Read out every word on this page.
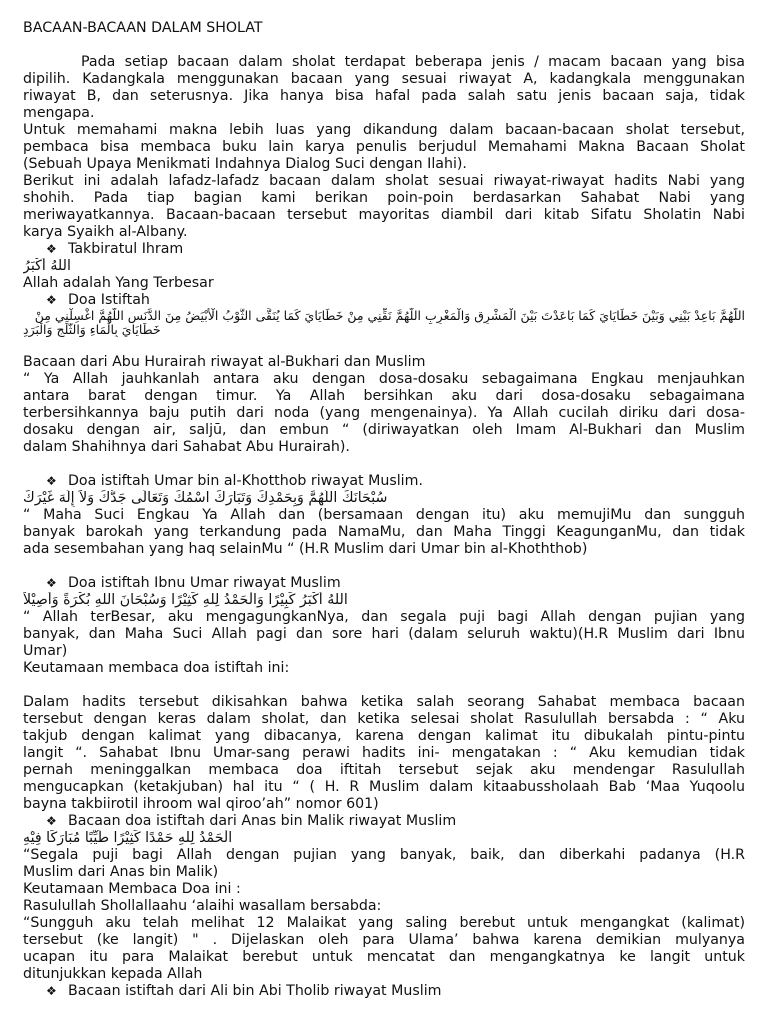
BACAAN-BACAAN DALAM SHOLAT
Pada setiap bacaan dalam sholat terdapat beberapa jenis / macam bacaan yang bisa
dipilih. Kadangkala menggunakan bacaan yang sesuai riwayat A, kadangkala menggunakan
riwayat B, dan seterusnya. Jika hanya bisa hafal pada salah satu jenis bacaan saja, tidak
mengapa.
Untuk memahami makna lebih luas yang dikandung dalam bacaan-bacaan sholat tersebut,
pembaca bisa membaca buku lain karya penulis berjudul Memahami Makna Bacaan Sholat
(Sebuah Upaya Menikmati Indahnya Dialog Suci dengan Ilahi).
Berikut ini adalah lafadz-lafadz bacaan dalam sholat sesuai riwayat-riwayat hadits Nabi yang
shohih. Pada tiap bagian kami berikan poin-poin berdasarkan Sahabat Nabi yang
meriwayatkannya. Bacaan-bacaan tersebut mayoritas diambil dari kitab Sifatu Sholatin Nabi
karya Syaikh al-Albany.
❖ Takbiratul Ihram
اللهُ أَكْبَرُ
Allah adalah Yang Terbesar
❖ Doa Istiftah
اللَّهُمَّ بَاعِدْ بَيْنِي وَبَيْنَ خَطَايَايَ كَمَا بَاعَدْتَ بَيْنَ الْمَشْرِقِ وَالْمَغْرِبِ اللَّهُمَّ نَقِّنِي مِنْ خَطَايَايَ كَمَا يُنَقَّى الثَّوْبُ الْأَبْيَضُ مِنَ الدَّنَسِ اللَّهُمَّ اغْسِلْنِي مِنْ
خَطَايَايَ بِالْمَاءِ وَالثَّلْجِ وَالْبَرَدِ
Bacaan dari Abu Hurairah riwayat al-Bukhari dan Muslim
“ Ya Allah jauhkanlah antara aku dengan dosa-dosaku sebagaimana Engkau menjauhkan
antara barat dengan timur. Ya Allah bersihkan aku dari dosa-dosaku sebagaimana
terbersihkannya baju putih dari noda (yang mengenainya). Ya Allah cucilah diriku dari dosa-
dosaku dengan air, saljū, dan embun “ (diriwayatkan oleh Imam Al-Bukhari dan Muslim
dalam Shahihnya dari Sahabat Abu Hurairah).
❖ Doa istiftah Umar bin al-Khotthob riwayat Muslim.
سُبْحَانَكَ اللَّهُمَّ وَبِحَمْدِكَ وَتَبَارَكَ اسْمُكَ وَتَعَالَى جَدُّكَ وَلاَ إِلَهَ غَيْرَكَ
“ Maha Suci Engkau Ya Allah dan (bersamaan dengan itu) aku memujiMu dan sungguh
banyak barokah yang terkandung pada NamaMu, dan Maha Tinggi KeagunganMu, dan tidak
ada sesembahan yang haq selainMu “ (H.R Muslim dari Umar bin al-Khoththob)
❖ Doa istiftah Ibnu Umar riwayat Muslim
اللهُ أَكْبَرُ كَبِيْرًا وَالْحَمْدُ لِلهِ كَثِيْرًا وَسُبْحَانَ اللهِ بُكْرَةً وَأَصِيْلاً
“ Allah terBesar, aku mengagungkanNya, dan segala puji bagi Allah dengan pujian yang
banyak, dan Maha Suci Allah pagi dan sore hari (dalam seluruh waktu)(H.R Muslim dari Ibnu
Umar)
Keutamaan membaca doa istiftah ini:
Dalam hadits tersebut dikisahkan bahwa ketika salah seorang Sahabat membaca bacaan
tersebut dengan keras dalam sholat, dan ketika selesai sholat Rasulullah bersabda : “ Aku
takjub dengan kalimat yang dibacanya, karena dengan kalimat itu dibukalah pintu-pintu
langit “. Sahabat Ibnu Umar-sang perawi hadits ini- mengatakan : “ Aku kemudian tidak
pernah meninggalkan membaca doa iftitah tersebut sejak aku mendengar Rasulullah
mengucapkan (ketakjuban) hal itu “ ( H. R Muslim dalam kitaabussholaah Bab ‘Maa Yuqoolu
bayna takbiirotil ihroom wal qiroo’ah” nomor 601)
❖ Bacaan doa istiftah dari Anas bin Malik riwayat Muslim
الْحَمْدُ لِلهِ حَمْدًا كَثِيْرًا طَيِّبًا مُبَارَكًا فِيْهِ
“Segala puji bagi Allah dengan pujian yang banyak, baik, dan diberkahi padanya (H.R
Muslim dari Anas bin Malik)
Keutamaan Membaca Doa ini :
Rasulullah Shollallaahu ‘alaihi wasallam bersabda:
“Sungguh aku telah melihat 12 Malaikat yang saling berebut untuk mengangkat (kalimat)
tersebut (ke langit) " . Dijelaskan oleh para Ulama’ bahwa karena demikian mulyanya
ucapan itu para Malaikat berebut untuk mencatat dan mengangkatnya ke langit untuk
ditunjukkan kepada Allah
❖ Bacaan istiftah dari Ali bin Abi Tholib riwayat Muslim
